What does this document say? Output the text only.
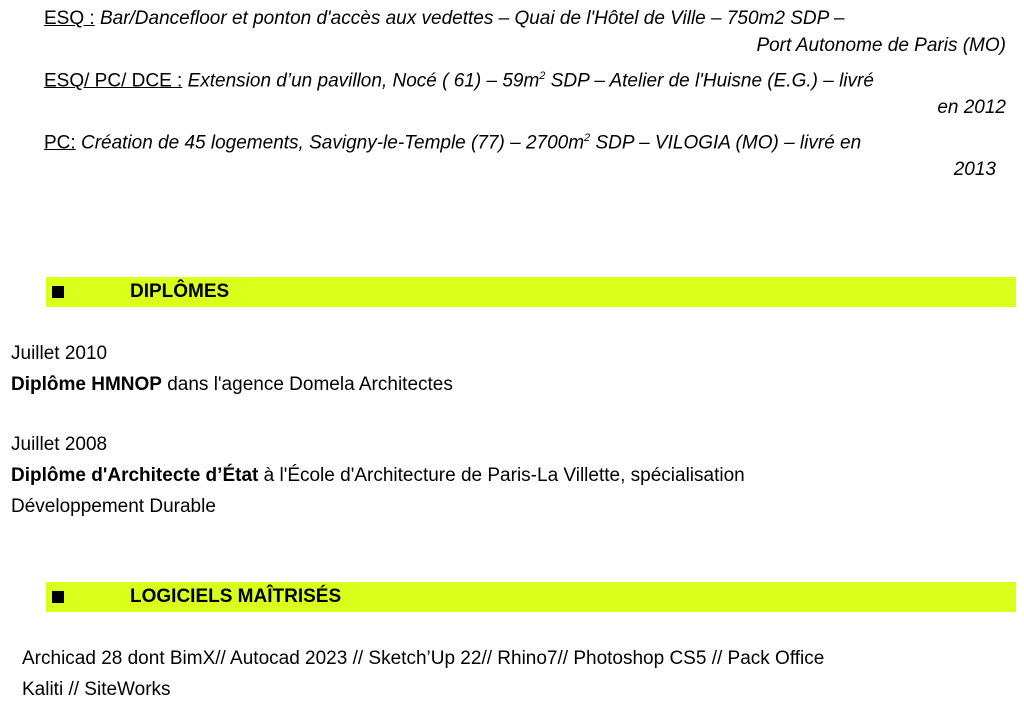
ESQ : Bar/Dancefloor et ponton d'accès aux vedettes – Quai de l'Hôtel de Ville – 750m2 SDP –
Port Autonome de Paris (MO)
ESQ/ PC/ DCE : Extension d’un pavillon, Nocé ( $61) - 59m^2$ SDP – Atelier de l'Huisne (E.G.) – livré
en 2012
PC: Création de 45 logements, Savigny-le-Temple $(77) - 2700m^2$ SDP – VILOGIA (MO) – livré en
2013
DIPLÔMES
Juillet 2010
Diplôme HMNOP dans l'agence Domela Architectes
Juillet 2008
Diplôme d'Architecte d’État à l'École d'Architecture de Paris-La Villette, spécialisation
Développement Durable
LOGICIELS MAÎTRISÉS
Archicad 28 dont BimX// Autocad 2023 // Sketch’Up 22// Rhino7// Photoshop CS5 // Pack Office
Kaliti // SiteWorks
